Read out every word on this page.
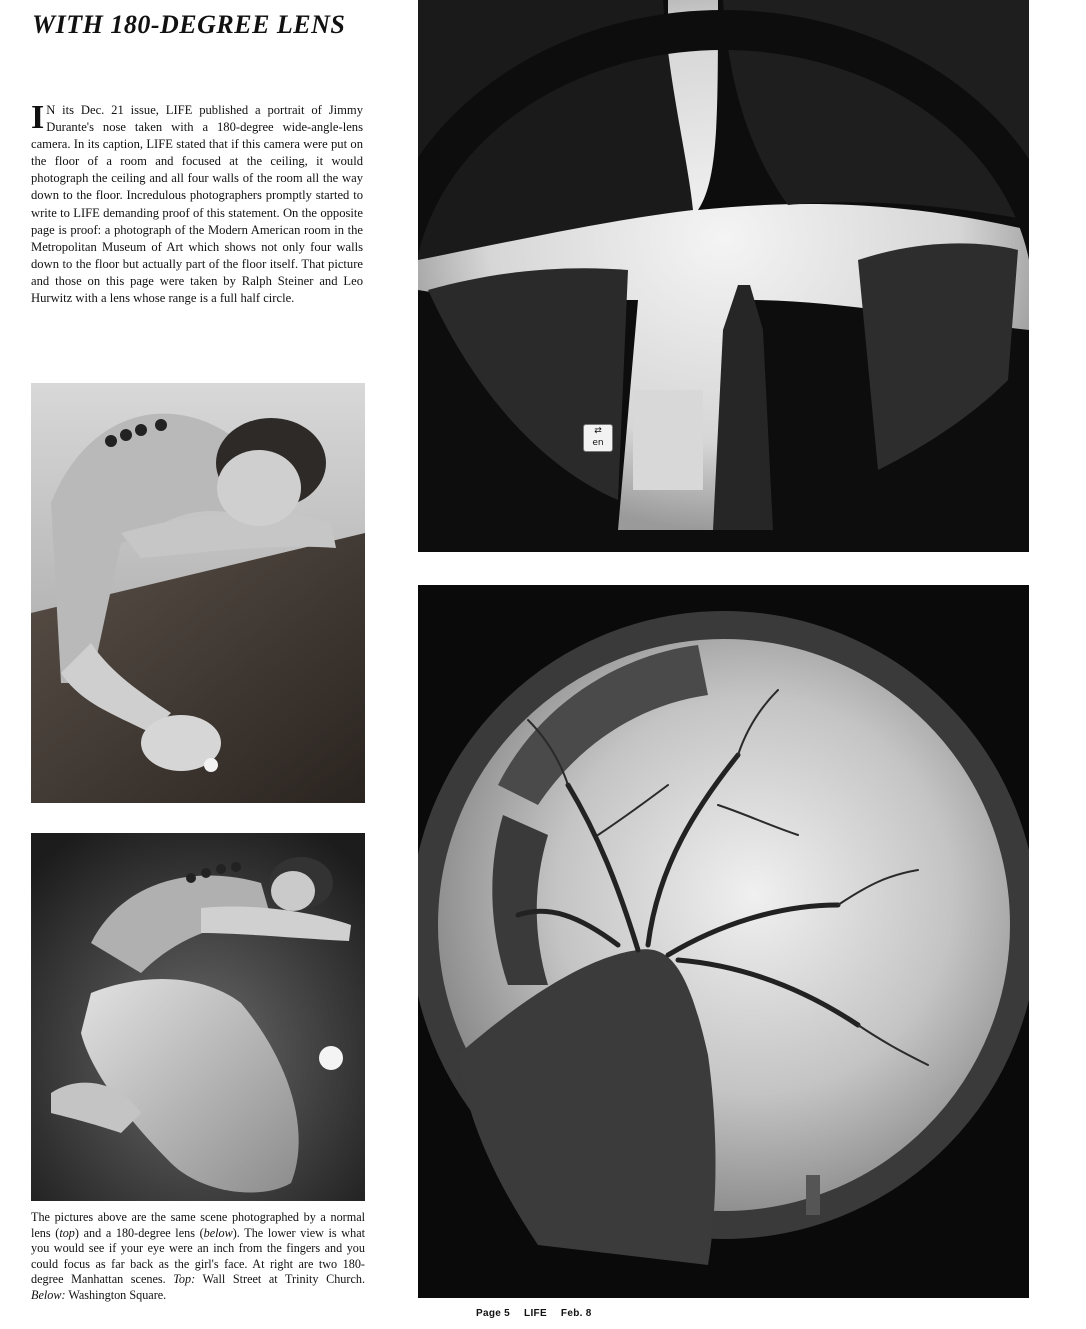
WITH 180-DEGREE LENS
I N its Dec. 21 issue, LIFE published a portrait of Jimmy Durante's nose taken with a 180-degree wide-angle-lens camera. In its caption, LIFE stated that if this camera were put on the floor of a room and focused at the ceiling, it would photograph the ceiling and all four walls of the room all the way down to the floor. Incredulous photographers promptly started to write to LIFE demanding proof of this statement. On the opposite page is proof: a photograph of the Modern American room in the Metropolitan Museum of Art which shows not only four walls down to the floor but actually part of the floor itself. That picture and those on this page were taken by Ralph Steiner and Leo Hurwitz with a lens whose range is a full half circle.
The pictures above are the same scene photographed by a normal lens (top) and a 180-degree lens (below). The lower view is what you would see if your eye were an inch from the fingers and you could focus as far back as the girl's face. At right are two 180-degree Manhattan scenes. Top: Wall Street at Trinity Church. Below: Washington Square.
⇄
en
Page 5 LIFE Feb. 8
